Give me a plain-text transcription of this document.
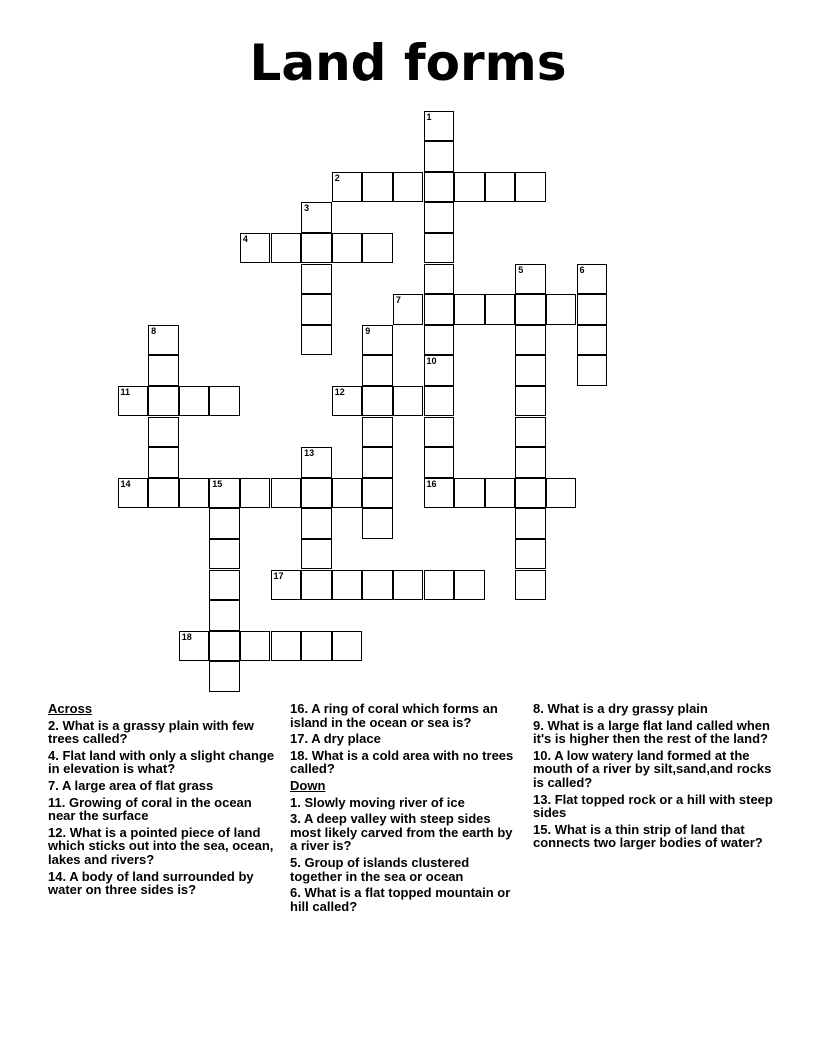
Land forms
1
2
3
4
5	6
7
8	9
10
16
11	12
13
14	15
17
18
Across
2. What is a grassy plain with few trees called?
4. Flat land with only a slight change in elevation is what?
7. A large area of flat grass
11. Growing of coral in the ocean near the surface
12. What is a pointed piece of land which sticks out into the sea, ocean, lakes and rivers?
14. A body of land surrounded by water on three sides is?
16. A ring of coral which forms an island in the ocean or sea is?
17. A dry place
18. What is a cold area with no trees called?
Down
1. Slowly moving river of ice
3. A deep valley with steep sides most likely carved from the earth by a river is?
5. Group of islands clustered together in the sea or ocean
6. What is a flat topped mountain or hill called?
8. What is a dry grassy plain
9. What is a large flat land called when it's is higher then the rest of the land?
10. A low watery land formed at the mouth of a river by silt,sand,and rocks is called?
13. Flat topped rock or a hill with steep sides
15. What is a thin strip of land that connects two larger bodies of water?
